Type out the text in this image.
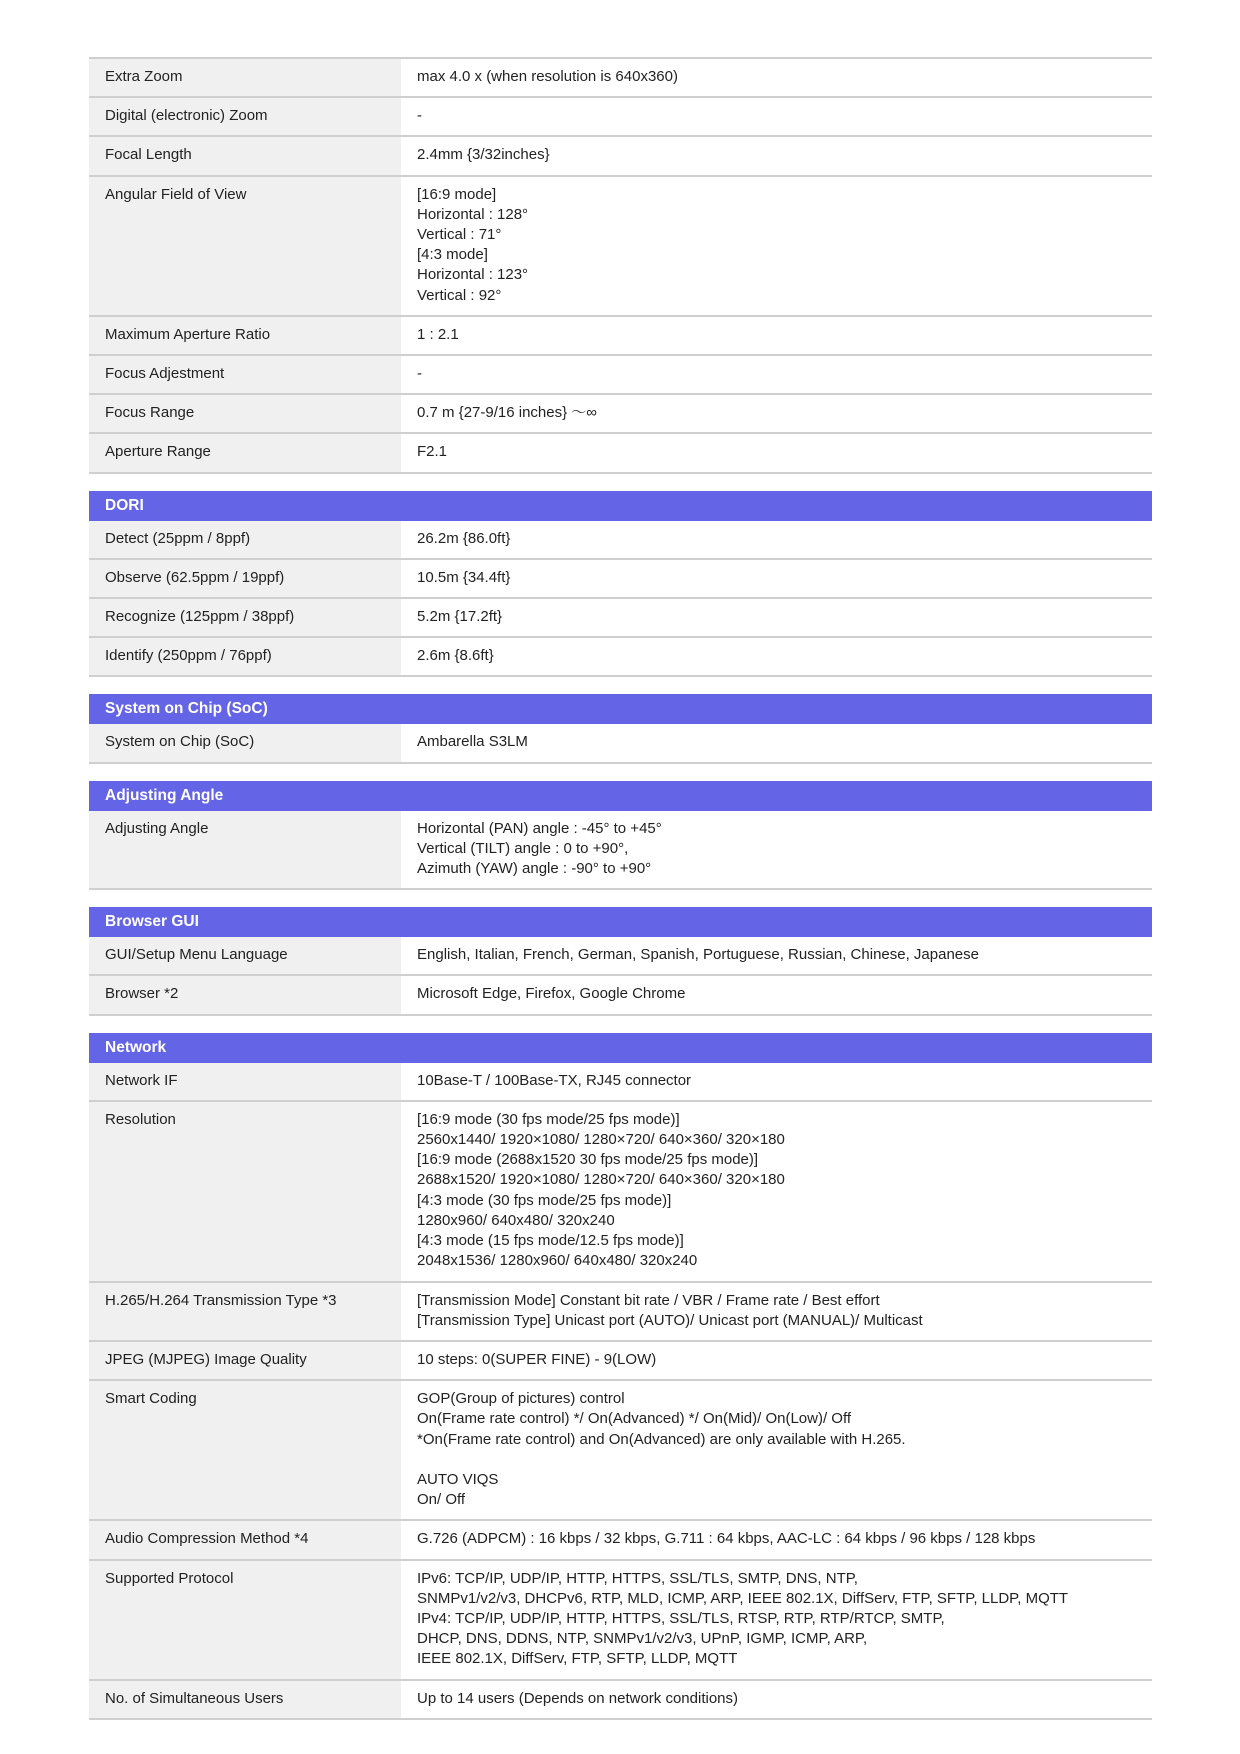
Extra Zoom	max 4.0 x (when resolution is 640x360)
Digital (electronic) Zoom	-
Focal Length	2.4mm {3/32inches}
Angular Field of View	[16:9 mode]
Horizontal : 128°
Vertical : 71°
[4:3 mode]
Horizontal : 123°
Vertical : 92°
Maximum Aperture Ratio	1 : 2.1
Focus Adjestment	-
Focus Range	0.7 m {27-9/16 inches} 〜∞
Aperture Range	F2.1
DORI
Detect (25ppm / 8ppf)	26.2m {86.0ft}
Observe (62.5ppm / 19ppf)	10.5m {34.4ft}
Recognize (125ppm / 38ppf)	5.2m {17.2ft}
Identify (250ppm / 76ppf)	2.6m {8.6ft}
System on Chip (SoC)
System on Chip (SoC)	Ambarella S3LM
Adjusting Angle
Adjusting Angle	Horizontal (PAN) angle : -45° to +45°
Vertical (TILT) angle : 0 to +90°,
Azimuth (YAW) angle : -90° to +90°
Browser GUI
GUI/Setup Menu Language	English, Italian, French, German, Spanish, Portuguese, Russian, Chinese, Japanese
Browser *2	Microsoft Edge, Firefox, Google Chrome
Network
Network IF	10Base-T / 100Base-TX, RJ45 connector
Resolution	[16:9 mode (30 fps mode/25 fps mode)]
2560x1440/ 1920×1080/ 1280×720/ 640×360/ 320×180
[16:9 mode (2688x1520 30 fps mode/25 fps mode)]
2688x1520/ 1920×1080/ 1280×720/ 640×360/ 320×180
[4:3 mode (30 fps mode/25 fps mode)]
1280x960/ 640x480/ 320x240
[4:3 mode (15 fps mode/12.5 fps mode)]
2048x1536/ 1280x960/ 640x480/ 320x240
H.265/H.264 Transmission Type *3	[Transmission Mode] Constant bit rate / VBR / Frame rate / Best effort
[Transmission Type] Unicast port (AUTO)/ Unicast port (MANUAL)/ Multicast
JPEG (MJPEG) Image Quality	10 steps: 0(SUPER FINE) - 9(LOW)
Smart Coding	GOP(Group of pictures) control
On(Frame rate control) */ On(Advanced) */ On(Mid)/ On(Low)/ Off
*On(Frame rate control) and On(Advanced) are only available with H.265.

AUTO VIQS
On/ Off
Audio Compression Method *4	G.726 (ADPCM) : 16 kbps / 32 kbps, G.711 : 64 kbps, AAC-LC : 64 kbps / 96 kbps / 128 kbps
Supported Protocol	IPv6: TCP/IP, UDP/IP, HTTP, HTTPS, SSL/TLS, SMTP, DNS, NTP,
SNMPv1/v2/v3, DHCPv6, RTP, MLD, ICMP, ARP, IEEE 802.1X, DiffServ, FTP, SFTP, LLDP, MQTT
IPv4: TCP/IP, UDP/IP, HTTP, HTTPS, SSL/TLS, RTSP, RTP, RTP/RTCP, SMTP,
DHCP, DNS, DDNS, NTP, SNMPv1/v2/v3, UPnP, IGMP, ICMP, ARP,
IEEE 802.1X, DiffServ, FTP, SFTP, LLDP, MQTT
No. of Simultaneous Users	Up to 14 users (Depends on network conditions)
